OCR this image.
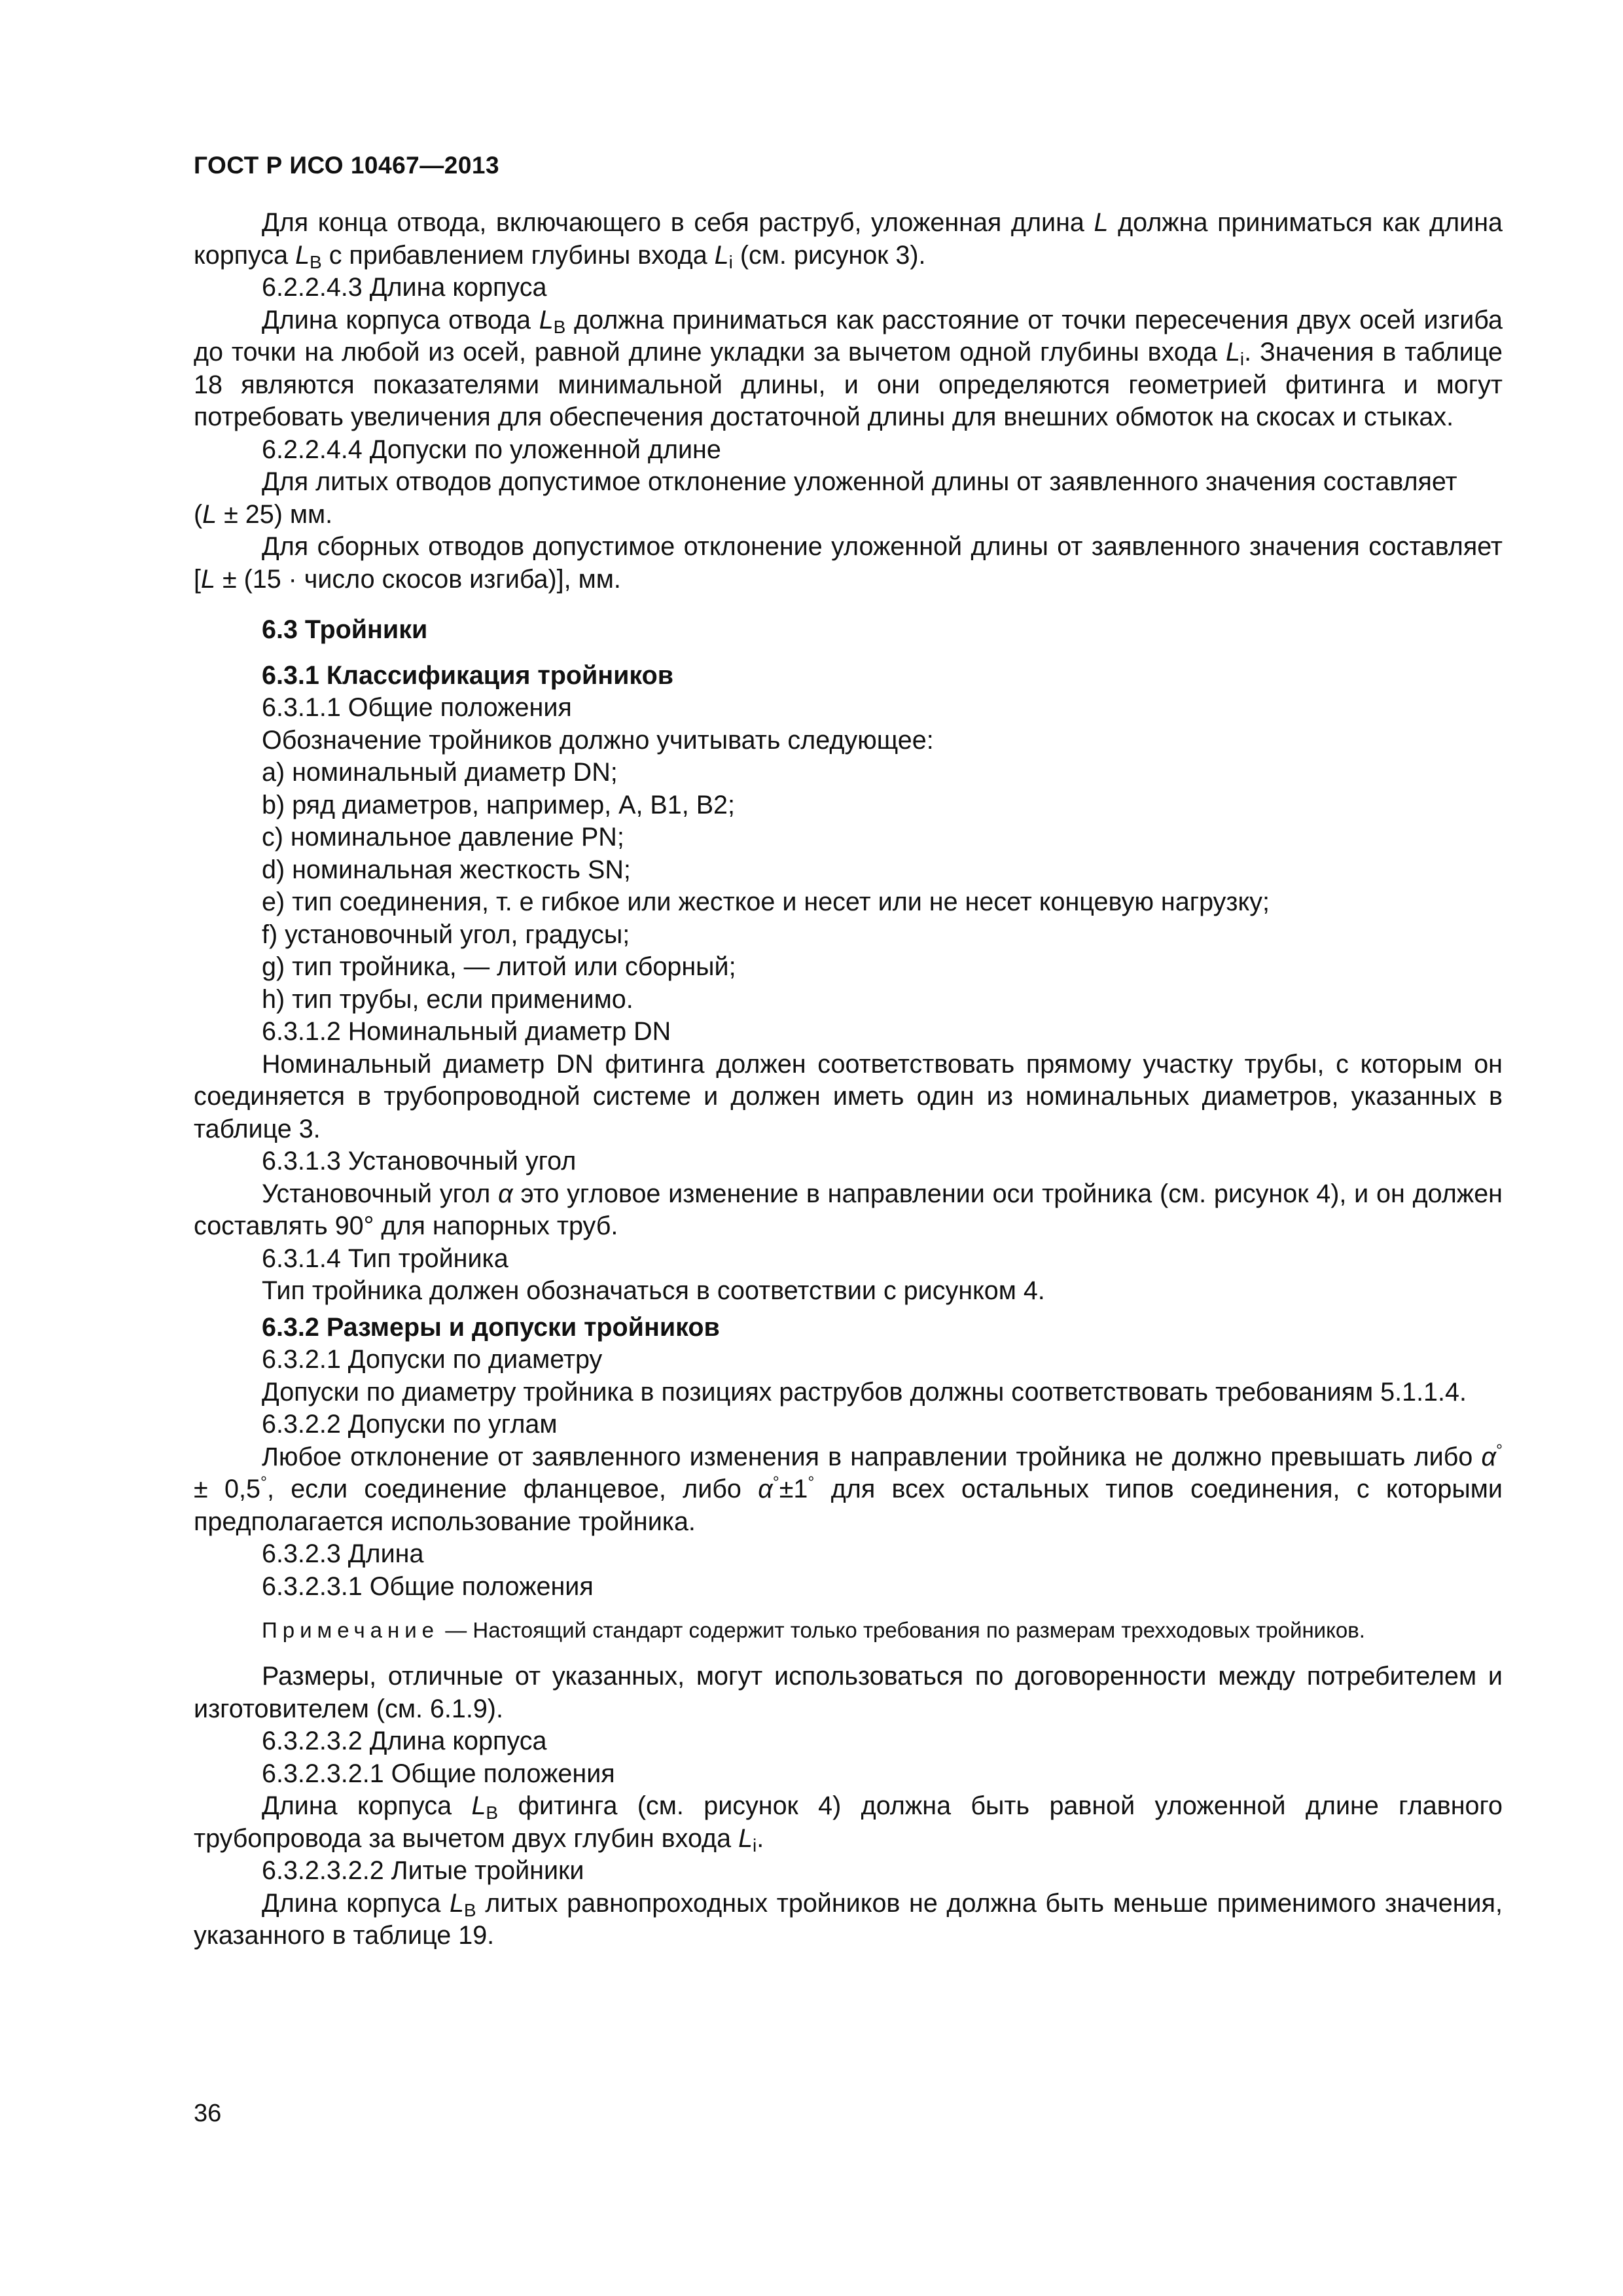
ГОСТ Р ИСО 10467—2013

Для конца отвода, включающего в себя раструб, уложенная длина L должна приниматься как длина корпуса $L_B$ с прибавлением глубины входа $L_i$ (см. рисунок 3).

6.2.2.4.3 Длина корпуса

Длина корпуса отвода $L_B$ должна приниматься как расстояние от точки пересечения двух осей изгиба до точки на любой из осей, равной длине укладки за вычетом одной глубины входа $L_i$. Значения в таблице 18 являются показателями минимальной длины, и они определяются геометрией фитинга и могут потребовать увеличения для обеспечения достаточной длины для внешних обмоток на скосах и стыках.

6.2.2.4.4 Допуски по уложенной длине

Для литых отводов допустимое отклонение уложенной длины от заявленного значения составляет

(L ± 25) мм.

Для сборных отводов допустимое отклонение уложенной длины от заявленного значения составляет [L ± (15 · число скосов изгиба)], мм.

6.3 Тройники

6.3.1 Классификация тройников

6.3.1.1 Общие положения

Обозначение тройников должно учитывать следующее:

a) номинальный диаметр DN;

b) ряд диаметров, например, A, B1, B2;

c) номинальное давление PN;

d) номинальная жесткость SN;

e) тип соединения, т. е гибкое или жесткое и несет или не несет концевую нагрузку;

f) установочный угол, градусы;

g) тип тройника, — литой или сборный;

h) тип трубы, если применимо.

6.3.1.2 Номинальный диаметр DN

Номинальный диаметр DN фитинга должен соответствовать прямому участку трубы, с которым он соединяется в трубопроводной системе и должен иметь один из номинальных диаметров, указанных в таблице 3.

6.3.1.3 Установочный угол

Установочный угол α это угловое изменение в направлении оси тройника (см. рисунок 4), и он должен составлять 90° для напорных труб.

6.3.1.4 Тип тройника

Тип тройника должен обозначаться в соответствии с рисунком 4.

6.3.2 Размеры и допуски тройников

6.3.2.1 Допуски по диаметру

Допуски по диаметру тройника в позициях раструбов должны соответствовать требованиям 5.1.1.4.

6.3.2.2 Допуски по углам

Любое отклонение от заявленного изменения в направлении тройника не должно превышать либо α° ± 0,5°, если соединение фланцевое, либо α°±1° для всех остальных типов соединения, с которыми предполагается использование тройника.

6.3.2.3 Длина

6.3.2.3.1 Общие положения

Примечание — Настоящий стандарт содержит только требования по размерам трехходовых тройников.

Размеры, отличные от указанных, могут использоваться по договоренности между потребителем и изготовителем (см. 6.1.9).

6.3.2.3.2 Длина корпуса

6.3.2.3.2.1 Общие положения

Длина корпуса $L_B$ фитинга (см. рисунок 4) должна быть равной уложенной длине главного трубопровода за вычетом двух глубин входа $L_i$.

6.3.2.3.2.2 Литые тройники

Длина корпуса $L_B$ литых равнопроходных тройников не должна быть меньше применимого значения, указанного в таблице 19.

36
